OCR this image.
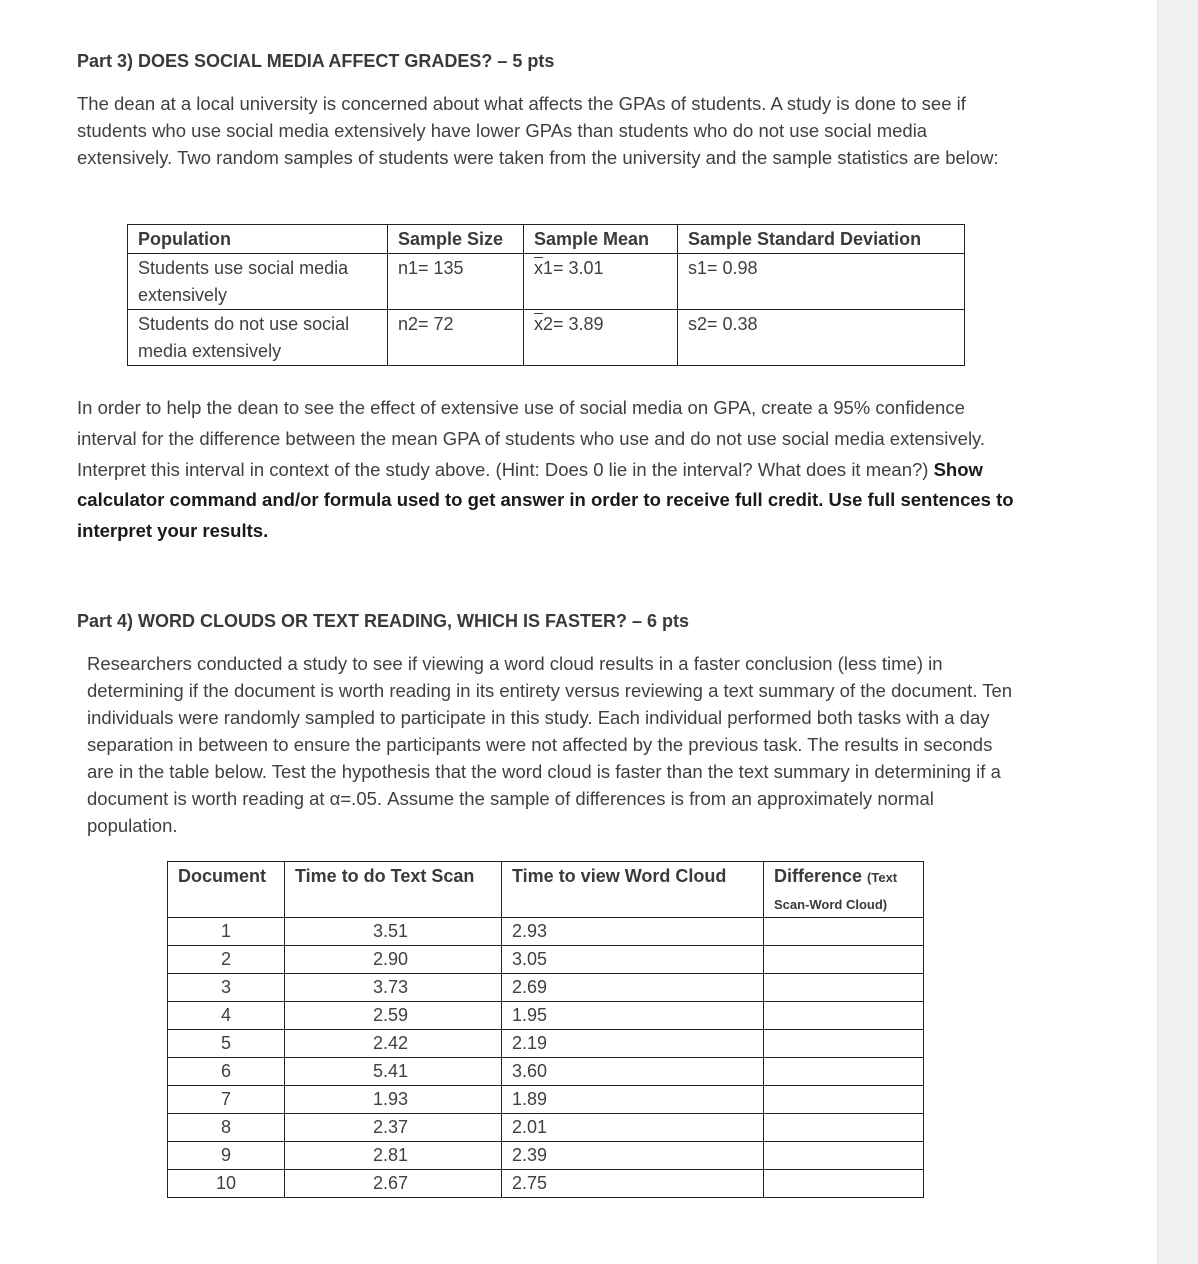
Part 3) DOES SOCIAL MEDIA AFFECT GRADES? – 5 pts
The dean at a local university is concerned about what affects the GPAs of students. A study is done to see if students who use social media extensively have lower GPAs than students who do not use social media extensively. Two random samples of students were taken from the university and the sample statistics are below:
Population	Sample Size	Sample Mean	Sample Standard Deviation
Students use social media extensively	n1= 135	$\overline{x}1= 3.01$	s1= 0.98
Students do not use social media extensively	n2= 72	$\overline{x}2= 3.89$	s2= 0.38
In order to help the dean to see the effect of extensive use of social media on GPA, create a 95% confidence interval for the difference between the mean GPA of students who use and do not use social media extensively. Interpret this interval in context of the study above. (Hint: Does 0 lie in the interval? What does it mean?) Show calculator command and/or formula used to get answer in order to receive full credit. Use full sentences to interpret your results.
Part 4) WORD CLOUDS OR TEXT READING, WHICH IS FASTER? – 6 pts
Researchers conducted a study to see if viewing a word cloud results in a faster conclusion (less time) in determining if the document is worth reading in its entirety versus reviewing a text summary of the document. Ten individuals were randomly sampled to participate in this study. Each individual performed both tasks with a day separation in between to ensure the participants were not affected by the previous task. The results in seconds are in the table below. Test the hypothesis that the word cloud is faster than the text summary in determining if a document is worth reading at α=.05. Assume the sample of differences is from an approximately normal population.
Document	Time to do Text Scan	Time to view Word Cloud	Difference (Text Scan-Word Cloud)
1	3.51	2.93	
2	2.90	3.05	
3	3.73	2.69	
4	2.59	1.95	
5	2.42	2.19	
6	5.41	3.60	
7	1.93	1.89	
8	2.37	2.01	
9	2.81	2.39	
10	2.67	2.75	
